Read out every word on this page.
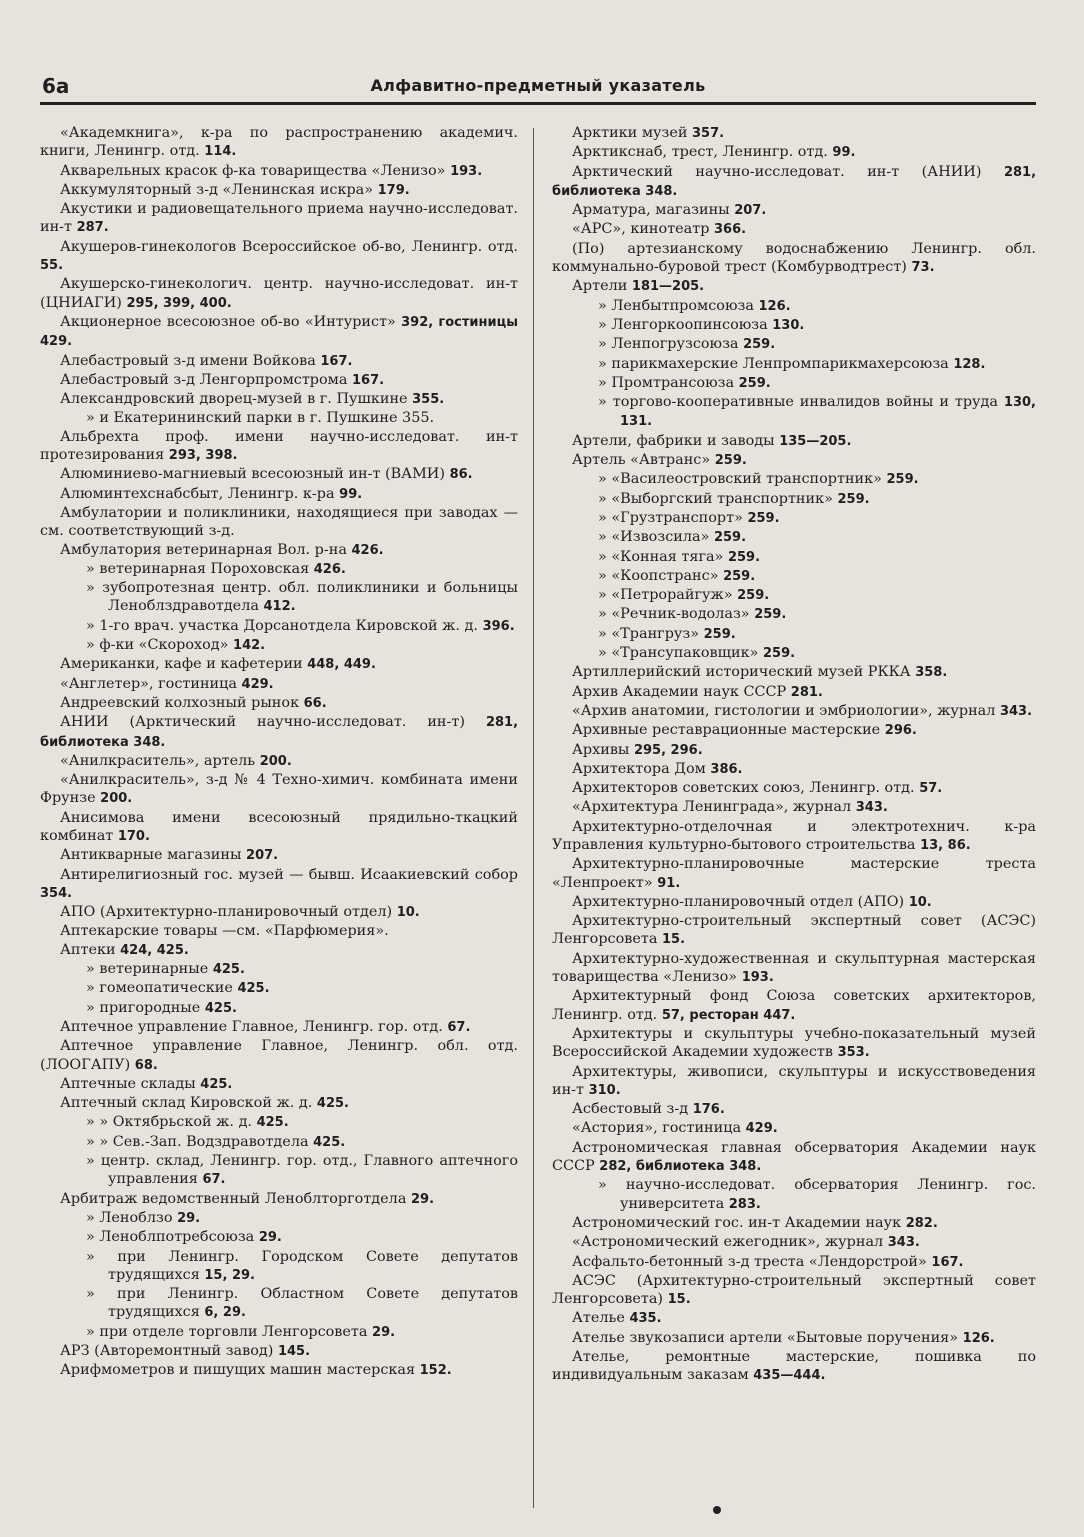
6а	Алфавитно-предметный указатель

«Академкнига», к-ра по распространению академич. книги, Ленингр. отд. 114.

Акварельных красок ф-ка товарищества «Ленизо» 193.

Аккумуляторный з-д «Ленинская искра» 179.

Акустики и радиовещательного приема научно-исследоват. ин-т 287.

Акушеров-гинекологов Всероссийское об-во, Ленингр. отд. 55.

Акушерско-гинекологич. центр. научно-исследоват. ин-т (ЦНИАГИ) 295, 399, 400.

Акционерное всесоюзное об-во «Интурист» 392, гостиницы 429.

Алебастровый з-д имени Войкова 167.

Алебастровый з-д Ленгорпромстрома 167.

Александровский дворец-музей в г. Пушкине 355.

» и Екатерининский парки в г. Пушкине 355.

Альбрехта проф. имени научно-исследоват. ин-т протезирования 293, 398.

Алюминиево-магниевый всесоюзный ин-т (ВАМИ) 86.

Алюминтехснабсбыт, Ленингр. к-ра 99.

Амбулатории и поликлиники, находящиеся при заводах — см. соответствующий з-д.

Амбулатория ветеринарная Вол. р-на 426.

» ветеринарная Пороховская 426.

» зубопротезная центр. обл. поликлиники и больницы Леноблздравотдела 412.

» 1-го врач. участка Дорсанотдела Кировской ж. д. 396.

» ф-ки «Скороход» 142.

Американки, кафе и кафетерии 448, 449.

«Англетер», гостиница 429.

Андреевский колхозный рынок 66.

АНИИ (Арктический научно-исследоват. ин-т) 281, библиотека 348.

«Анилкраситель», артель 200.

«Анилкраситель», з-д № 4 Техно-химич. комбината имени Фрунзе 200.

Анисимова имени всесоюзный прядильно-ткацкий комбинат 170.

Антикварные магазины 207.

Антирелигиозный гос. музей — бывш. Исаакиевский собор 354.

АПО (Архитектурно-планировочный отдел) 10.

Аптекарские товары —см. «Парфюмерия».

Аптеки 424, 425.

» ветеринарные 425.

» гомеопатические 425.

» пригородные 425.

Аптечное управление Главное, Ленингр. гор. отд. 67.

Аптечное управление Главное, Ленингр. обл. отд. (ЛООГАПУ) 68.

Аптечные склады 425.

Аптечный склад Кировской ж. д. 425.

» » Октябрьской ж. д. 425.

» » Сев.-Зап. Водздравотдела 425.

» центр. склад, Ленингр. гор. отд., Главного аптечного управления 67.

Арбитраж ведомственный Леноблторготдела 29.

» Леноблзо 29.

» Леноблпотребсоюза 29.

» при Ленингр. Городском Совете депутатов трудящихся 15, 29.

» при Ленингр. Областном Совете депутатов трудящихся 6, 29.

» при отделе торговли Ленгорсовета 29.

АРЗ (Авторемонтный завод) 145.

Арифмометров и пишущих машин мастерская 152.

Арктики музей 357.

Арктикснаб, трест, Ленингр. отд. 99.

Арктический научно-исследоват. ин-т (АНИИ) 281, библиотека 348.

Арматура, магазины 207.

«АРС», кинотеатр 366.

(По) артезианскому водоснабжению Ленингр. обл. коммунально-буровой трест (Комбурводтрест) 73.

Артели 181—205.

» Ленбытпромсоюза 126.

» Ленгоркоопинсоюза 130.

» Ленпогрузсоюза 259.

» парикмахерские Ленпромпарикмахерсоюза 128.

» Промтрансоюза 259.

» торгово-кооперативные инвалидов войны и труда 130, 131.

Артели, фабрики и заводы 135—205.

Артель «Автранс» 259.

» «Василеостровский транспортник» 259.

» «Выборгский транспортник» 259.

» «Грузтранспорт» 259.

» «Извозсила» 259.

» «Конная тяга» 259.

» «Коопстранс» 259.

» «Петрорайгуж» 259.

» «Речник-водолаз» 259.

» «Трангруз» 259.

» «Трансупаковщик» 259.

Артиллерийский исторический музей РККА 358.

Архив Академии наук СССР 281.

«Архив анатомии, гистологии и эмбриологии», журнал 343.

Архивные реставрационные мастерские 296.

Архивы 295, 296.

Архитектора Дом 386.

Архитекторов советских союз, Ленингр. отд. 57.

«Архитектура Ленинграда», журнал 343.

Архитектурно-отделочная и электротехнич. к-ра Управления культурно-бытового строительства 13, 86.

Архитектурно-планировочные мастерские треста «Ленпроект» 91.

Архитектурно-планировочный отдел (АПО) 10.

Архитектурно-строительный экспертный совет (АСЭС) Ленгорсовета 15.

Архитектурно-художественная и скульптурная мастерская товарищества «Ленизо» 193.

Архитектурный фонд Союза советских архитекторов, Ленингр. отд. 57, ресторан 447.

Архитектуры и скульптуры учебно-показательный музей Всероссийской Академии художеств 353.

Архитектуры, живописи, скульптуры и искусствоведения ин-т 310.

Асбестовый з-д 176.

«Астория», гостиница 429.

Астрономическая главная обсерватория Академии наук СССР 282, библиотека 348.

» научно-исследоват. обсерватория Ленингр. гос. университета 283.

Астрономический гос. ин-т Академии наук 282.

«Астрономический ежегодник», журнал 343.

Асфальто-бетонный з-д треста «Лендорстрой» 167.

АСЭС (Архитектурно-строительный экспертный совет Ленгорсовета) 15.

Ателье 435.

Ателье звукозаписи артели «Бытовые поручения» 126.

Ателье, ремонтные мастерские, пошивка по индивидуальным заказам 435—444.
